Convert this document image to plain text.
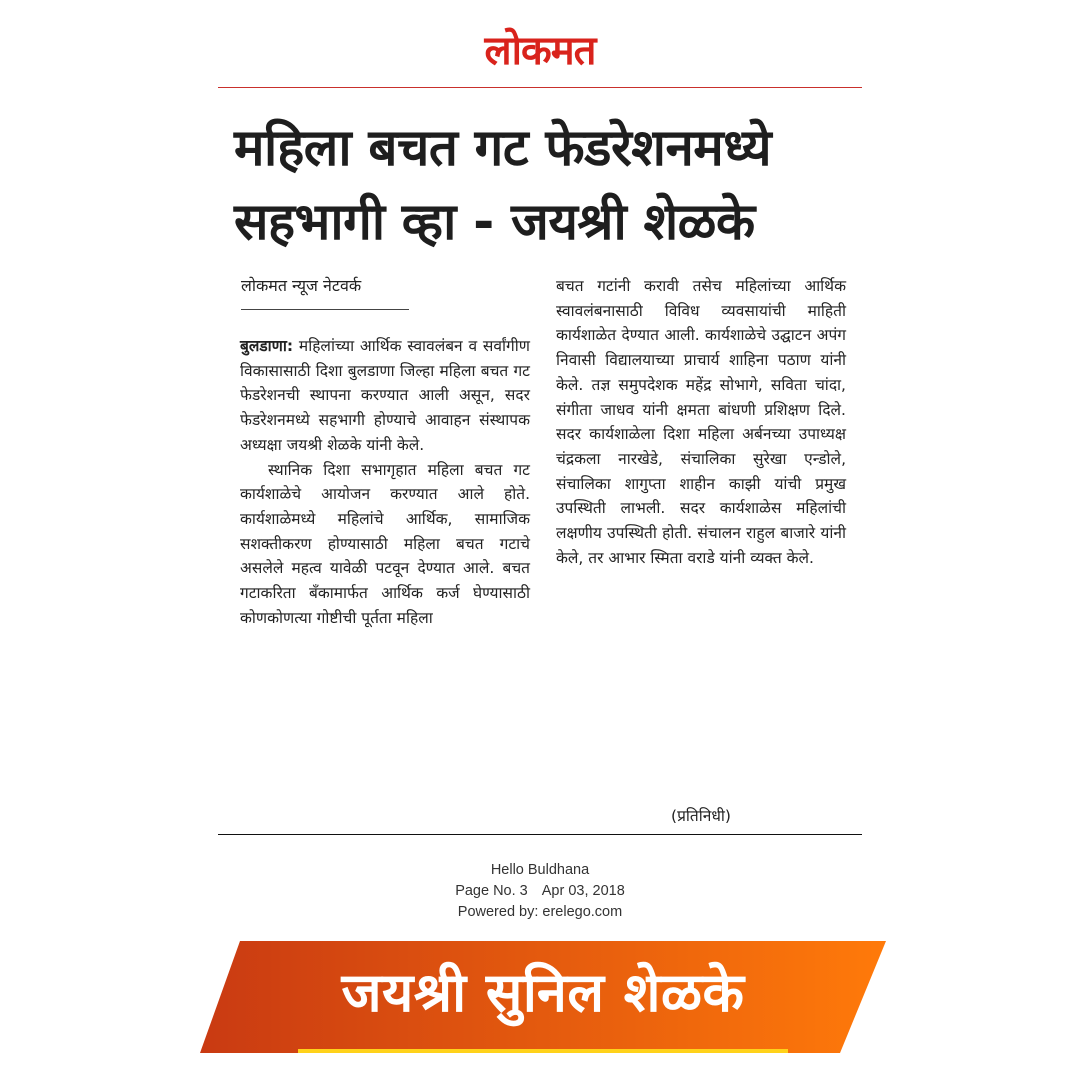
लोकमत
महिला बचत गट फेडरेशनमध्ये
सहभागी व्हा - जयश्री शेळके
लोकमत न्यूज नेटवर्क

बुलडाणा: महिलांच्या आर्थिक स्वावलंबन व सर्वांगीण विकासासाठी दिशा बुलडाणा जिल्हा महिला बचत गट फेडरेशनची स्थापना करण्यात आली असून, सदर फेडरेशनमध्ये सहभागी होण्याचे आवाहन संस्थापक अध्यक्षा जयश्री शेळके यांनी केले.

स्थानिक दिशा सभागृहात महिला बचत गट कार्यशाळेचे आयोजन करण्यात आले होते. कार्यशाळेमध्ये महिलांचे आर्थिक, सामाजिक सशक्तीकरण होण्यासाठी महिला बचत गटाचे असलेले महत्व यावेळी पटवून देण्यात आले. बचत गटाकरिता बँकामार्फत आर्थिक कर्ज घेण्यासाठी कोणकोणत्या गोष्टीची पूर्तता महिला

बचत गटांनी करावी तसेच महिलांच्या आर्थिक स्वावलंबनासाठी विविध व्यवसायांची माहिती कार्यशाळेत देण्यात आली. कार्यशाळेचे उद्घाटन अपंग निवासी विद्यालयाच्या प्राचार्य शाहिना पठाण यांनी केले. तज्ञ समुपदेशक महेंद्र सोभागे, सविता चांदा, संगीता जाधव यांनी क्षमता बांधणी प्रशिक्षण दिले. सदर कार्यशाळेला दिशा महिला अर्बनच्या उपाध्यक्ष चंद्रकला नारखेडे, संचालिका सुरेखा एन्डोले, संचालिका शागुप्ता शाहीन काझी यांची प्रमुख उपस्थिती लाभली. सदर कार्यशाळेस महिलांची लक्षणीय उपस्थिती होती. संचालन राहुल बाजारे यांनी केले, तर आभार स्मिता वराडे यांनी व्यक्त केले.

(प्रतिनिधी)
Hello Buldhana
Page No. 3 Apr 03, 2018
Powered by: erelego.com
जयश्री सुनिल शेळके
